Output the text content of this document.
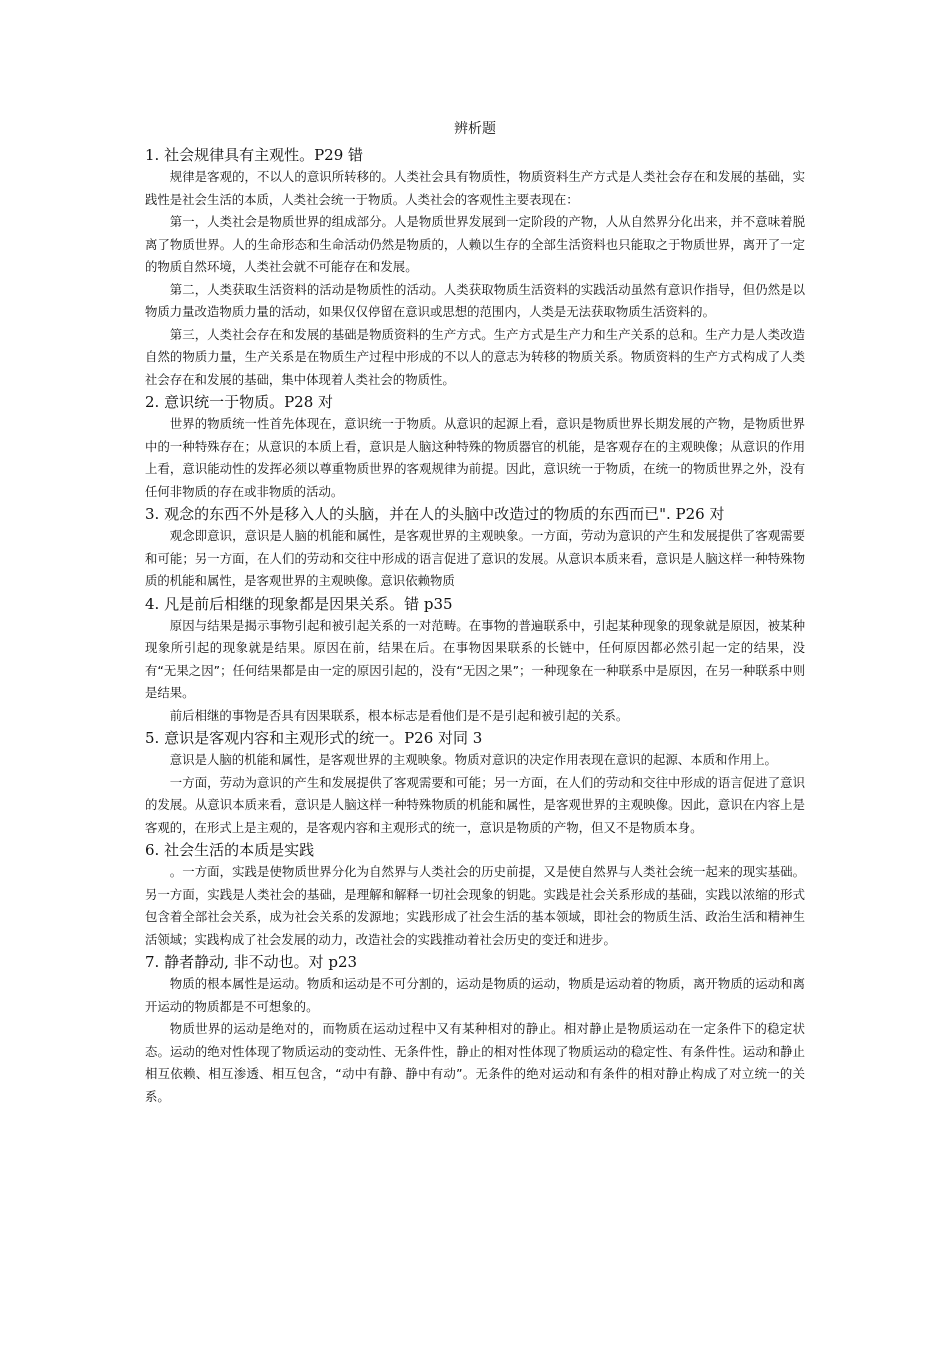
辨析题
1. 社会规律具有主观性。P29 错

规律是客观的，不以人的意识所转移的。人类社会具有物质性，物质资料生产方式是人类社会存在和发展的基础，实践性是社会生活的本质，人类社会统一于物质。人类社会的客观性主要表现在：

第一，人类社会是物质世界的组成部分。人是物质世界发展到一定阶段的产物，人从自然界分化出来，并不意味着脱离了物质世界。人的生命形态和生命活动仍然是物质的，人赖以生存的全部生活资料也只能取之于物质世界，离开了一定的物质自然环境，人类社会就不可能存在和发展。

第二，人类获取生活资料的活动是物质性的活动。人类获取物质生活资料的实践活动虽然有意识作指导，但仍然是以物质力量改造物质力量的活动，如果仅仅停留在意识或思想的范围内，人类是无法获取物质生活资料的。

第三，人类社会存在和发展的基础是物质资料的生产方式。生产方式是生产力和生产关系的总和。生产力是人类改造自然的物质力量，生产关系是在物质生产过程中形成的不以人的意志为转移的物质关系。物质资料的生产方式构成了人类社会存在和发展的基础，集中体现着人类社会的物质性。

2. 意识统一于物质。P28 对

世界的物质统一性首先体现在，意识统一于物质。从意识的起源上看，意识是物质世界长期发展的产物，是物质世界中的一种特殊存在；从意识的本质上看，意识是人脑这种特殊的物质器官的机能，是客观存在的主观映像；从意识的作用上看，意识能动性的发挥必须以尊重物质世界的客观规律为前提。因此，意识统一于物质，在统一的物质世界之外，没有任何非物质的存在或非物质的活动。

3. 观念的东西不外是移入人的头脑，并在人的头脑中改造过的物质的东西而已". P26 对

观念即意识，意识是人脑的机能和属性，是客观世界的主观映象。一方面，劳动为意识的产生和发展提供了客观需要和可能；另一方面，在人们的劳动和交往中形成的语言促进了意识的发展。从意识本质来看，意识是人脑这样一种特殊物质的机能和属性，是客观世界的主观映像。意识依赖物质

4. 凡是前后相继的现象都是因果关系。错 p35

原因与结果是揭示事物引起和被引起关系的一对范畴。在事物的普遍联系中，引起某种现象的现象就是原因，被某种现象所引起的现象就是结果。原因在前，结果在后。在事物因果联系的长链中，任何原因都必然引起一定的结果，没有“无果之因”；任何结果都是由一定的原因引起的，没有“无因之果”；一种现象在一种联系中是原因，在另一种联系中则是结果。

前后相继的事物是否具有因果联系，根本标志是看他们是不是引起和被引起的关系。

5. 意识是客观内容和主观形式的统一。P26 对同 3

意识是人脑的机能和属性，是客观世界的主观映象。物质对意识的决定作用表现在意识的起源、本质和作用上。

一方面，劳动为意识的产生和发展提供了客观需要和可能；另一方面，在人们的劳动和交往中形成的语言促进了意识的发展。从意识本质来看，意识是人脑这样一种特殊物质的机能和属性，是客观世界的主观映像。因此，意识在内容上是客观的，在形式上是主观的，是客观内容和主观形式的统一，意识是物质的产物，但又不是物质本身。

6. 社会生活的本质是实践

。一方面，实践是使物质世界分化为自然界与人类社会的历史前提，又是使自然界与人类社会统一起来的现实基础。另一方面，实践是人类社会的基础，是理解和解释一切社会现象的钥匙。实践是社会关系形成的基础，实践以浓缩的形式包含着全部社会关系，成为社会关系的发源地；实践形成了社会生活的基本领域，即社会的物质生活、政治生活和精神生活领域；实践构成了社会发展的动力，改造社会的实践推动着社会历史的变迁和进步。

7. 静者静动, 非不动也。对 p23

物质的根本属性是运动。物质和运动是不可分割的，运动是物质的运动，物质是运动着的物质，离开物质的运动和离开运动的物质都是不可想象的。

物质世界的运动是绝对的，而物质在运动过程中又有某种相对的静止。相对静止是物质运动在一定条件下的稳定状态。运动的绝对性体现了物质运动的变动性、无条件性，静止的相对性体现了物质运动的稳定性、有条件性。运动和静止相互依赖、相互渗透、相互包含，“动中有静、静中有动”。无条件的绝对运动和有条件的相对静止构成了对立统一的关系。
